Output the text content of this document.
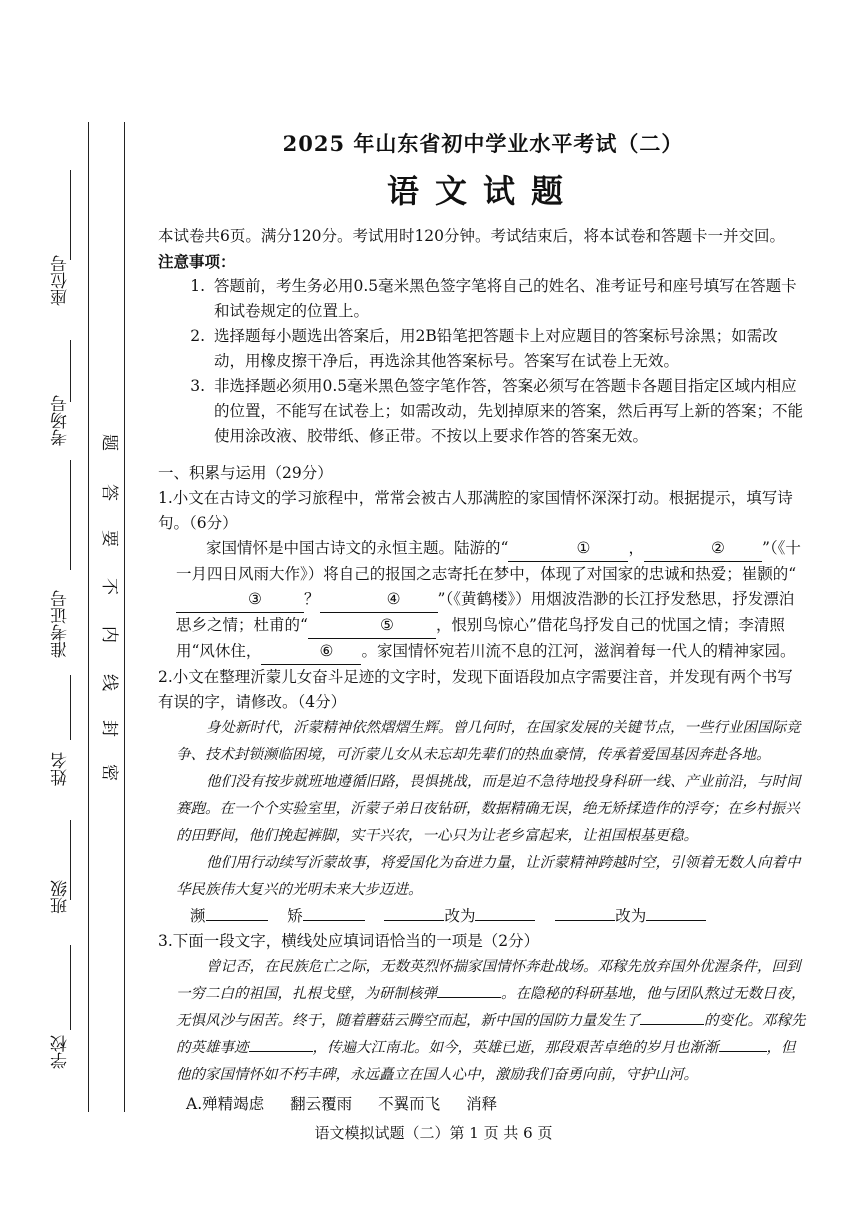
座位号
考场号
准考证号
姓名
班级
学校
题
答
要
不
内
线
封
密
2025 年山东省初中学业水平考试（二）
语文试题

本试卷共6页。满分120分。考试用时120分钟。考试结束后，将本试卷和答题卡一并交回。

注意事项：

1. 答题前，考生务必用0.5毫米黑色签字笔将自己的姓名、准考证号和座号填写在答题卡和试卷规定的位置上。
2. 选择题每小题选出答案后，用2B铅笔把答题卡上对应题目的答案标号涂黑；如需改动，用橡皮擦干净后，再选涂其他答案标号。答案写在试卷上无效。
3. 非选择题必须用0.5毫米黑色签字笔作答，答案必须写在答题卡各题目指定区域内相应的位置，不能写在试卷上；如需改动，先划掉原来的答案，然后再写上新的答案；不能使用涂改液、胶带纸、修正带。不按以上要求作答的答案无效。

一、积累与运用（29分）

1.小文在古诗文的学习旅程中，常常会被古人那满腔的家国情怀深深打动。根据提示，填写诗句。（6分）

家国情怀是中国古诗文的永恒主题。陆游的“	① ，	② ”（《十一月四日风雨大作》）将自己的报国之志寄托在梦中，体现了对国家的忠诚和热爱；崔颢的“③	？	④ ”（《黄鹤楼》）用烟波浩渺的长江抒发愁思，抒发漂泊思乡之情；杜甫的“	⑤	，恨别鸟惊心”借花鸟抒发自己的忧国之情；李清照用“风休住，	⑥ 。家国情怀宛若川流不息的江河，滋润着每一代人的精神家园。

2.小文在整理沂蒙儿女奋斗足迹的文字时，发现下面语段加点字需要注音，并发现有两个书写有误的字，请修改。（4分）

身处新时代，沂蒙精神依然熠熠生辉。曾几何时，在国家发展的关键节点，一些行业困国际竞争、技术封锁濒临困境，可沂蒙儿女从未忘却先辈们的热血豪情，传承着爱国基因奔赴各地。

他们没有按步就班地遵循旧路，畏惧挑战，而是迫不急待地投身科研一线、产业前沿，与时间赛跑。在一个个实验室里，沂蒙子弟日夜钻研，数据精确无误，绝无矫揉造作的浮夸；在乡村振兴的田野间，他们挽起裤脚，实干兴农，一心只为让老乡富起来，让祖国根基更稳。

他们用行动续写沂蒙故事，将爱国化为奋进力量，让沂蒙精神跨越时空，引领着无数人向着中华民族伟大复兴的光明未来大步迈进。

濒	矫	改为	改为

3.下面一段文字，横线处应填词语恰当的一项是（2分）

曾记否，在民族危亡之际，无数英烈怀揣家国情怀奔赴战场。邓稼先放弃国外优渥条件，回到一穷二白的祖国，扎根戈壁，为研制核弹	。在隐秘的科研基地，他与团队熬过无数日夜，无惧风沙与困苦。终于，随着蘑菇云腾空而起，新中国的国防力量发生了	的变化。邓稼先的英雄事迹	，传遍大江南北。如今，英雄已逝，那段艰苦卓绝的岁月也渐渐	，但他的家国情怀如不朽丰碑，永远矗立在国人心中，激励我们奋勇向前，守护山河。

A.殚精竭虑 翻云覆雨 不翼而飞 消释

语文模拟试题（二）第 1 页 共 6 页
